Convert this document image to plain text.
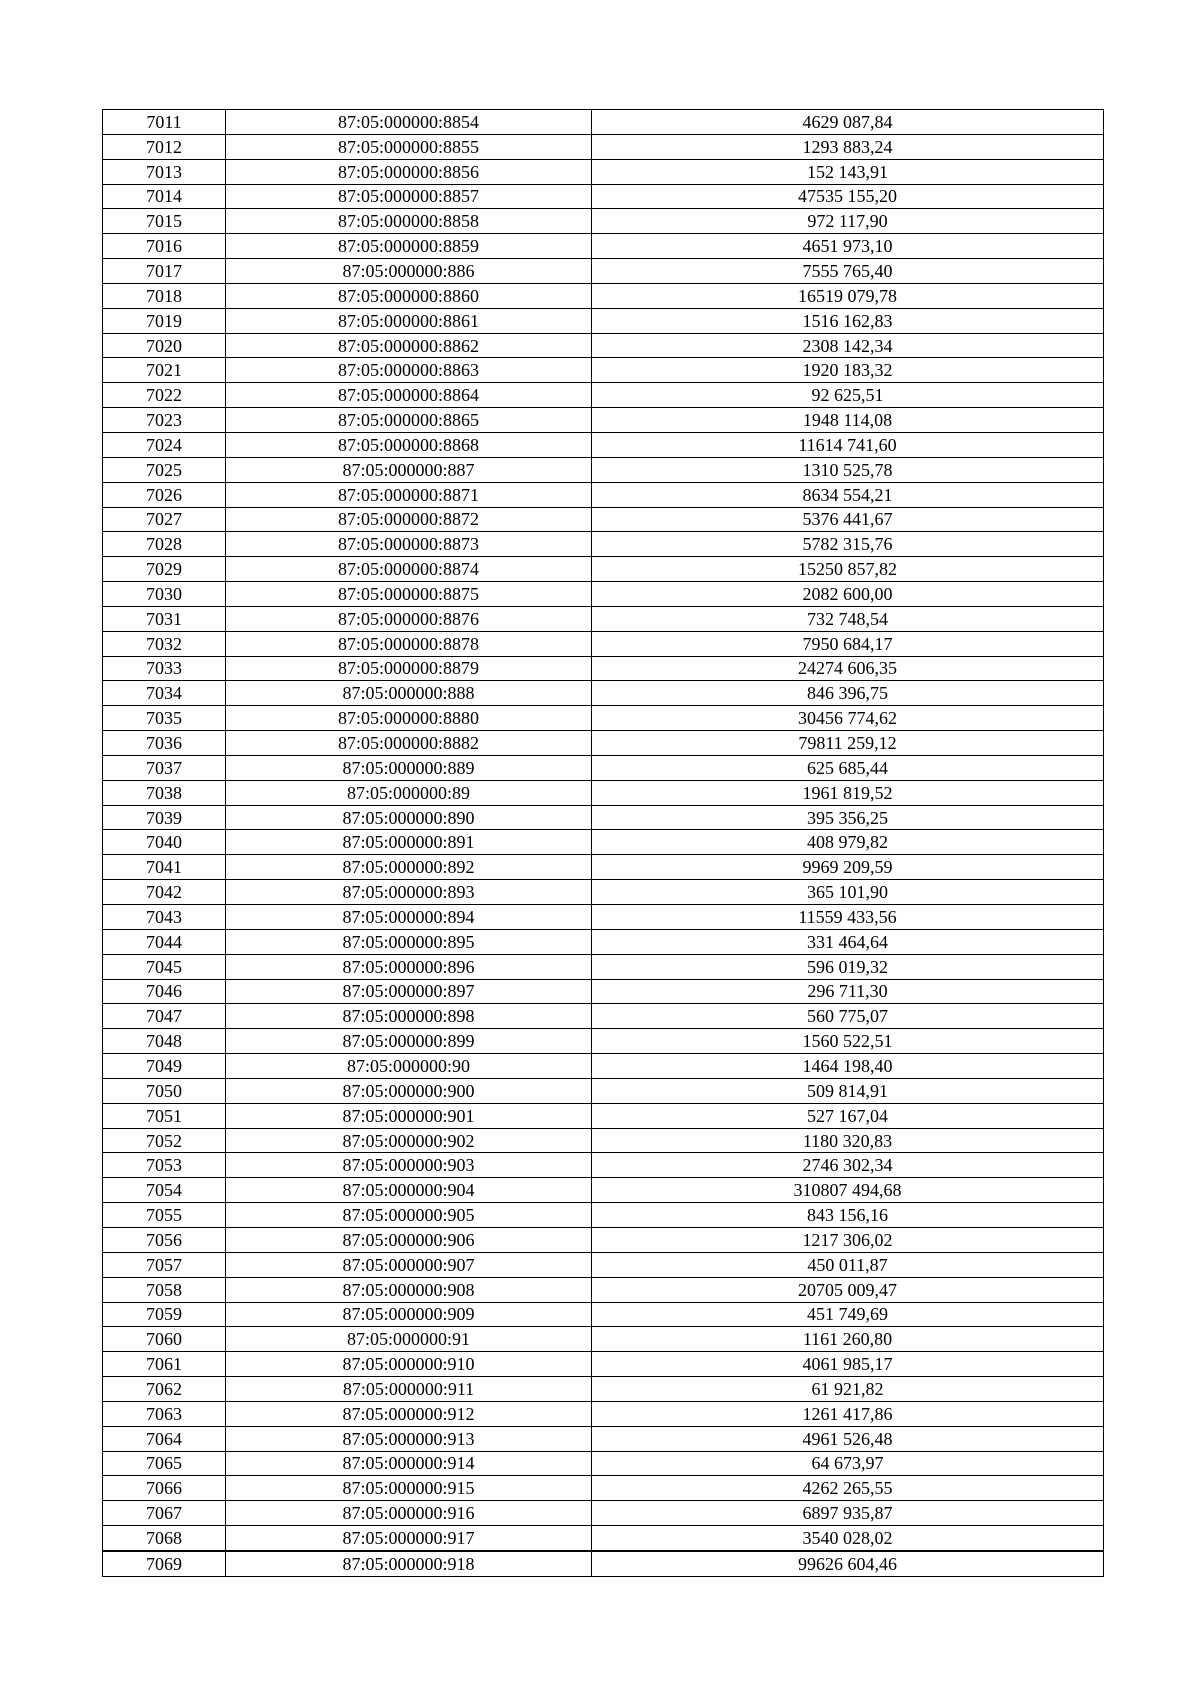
7011	87:05:000000:8854	4629 087,84
7012	87:05:000000:8855	1293 883,24
7013	87:05:000000:8856	152 143,91
7014	87:05:000000:8857	47535 155,20
7015	87:05:000000:8858	972 117,90
7016	87:05:000000:8859	4651 973,10
7017	87:05:000000:886	7555 765,40
7018	87:05:000000:8860	16519 079,78
7019	87:05:000000:8861	1516 162,83
7020	87:05:000000:8862	2308 142,34
7021	87:05:000000:8863	1920 183,32
7022	87:05:000000:8864	92 625,51
7023	87:05:000000:8865	1948 114,08
7024	87:05:000000:8868	11614 741,60
7025	87:05:000000:887	1310 525,78
7026	87:05:000000:8871	8634 554,21
7027	87:05:000000:8872	5376 441,67
7028	87:05:000000:8873	5782 315,76
7029	87:05:000000:8874	15250 857,82
7030	87:05:000000:8875	2082 600,00
7031	87:05:000000:8876	732 748,54
7032	87:05:000000:8878	7950 684,17
7033	87:05:000000:8879	24274 606,35
7034	87:05:000000:888	846 396,75
7035	87:05:000000:8880	30456 774,62
7036	87:05:000000:8882	79811 259,12
7037	87:05:000000:889	625 685,44
7038	87:05:000000:89	1961 819,52
7039	87:05:000000:890	395 356,25
7040	87:05:000000:891	408 979,82
7041	87:05:000000:892	9969 209,59
7042	87:05:000000:893	365 101,90
7043	87:05:000000:894	11559 433,56
7044	87:05:000000:895	331 464,64
7045	87:05:000000:896	596 019,32
7046	87:05:000000:897	296 711,30
7047	87:05:000000:898	560 775,07
7048	87:05:000000:899	1560 522,51
7049	87:05:000000:90	1464 198,40
7050	87:05:000000:900	509 814,91
7051	87:05:000000:901	527 167,04
7052	87:05:000000:902	1180 320,83
7053	87:05:000000:903	2746 302,34
7054	87:05:000000:904	310807 494,68
7055	87:05:000000:905	843 156,16
7056	87:05:000000:906	1217 306,02
7057	87:05:000000:907	450 011,87
7058	87:05:000000:908	20705 009,47
7059	87:05:000000:909	451 749,69
7060	87:05:000000:91	1161 260,80
7061	87:05:000000:910	4061 985,17
7062	87:05:000000:911	61 921,82
7063	87:05:000000:912	1261 417,86
7064	87:05:000000:913	4961 526,48
7065	87:05:000000:914	64 673,97
7066	87:05:000000:915	4262 265,55
7067	87:05:000000:916	6897 935,87
7068	87:05:000000:917	3540 028,02
7069	87:05:000000:918	99626 604,46
